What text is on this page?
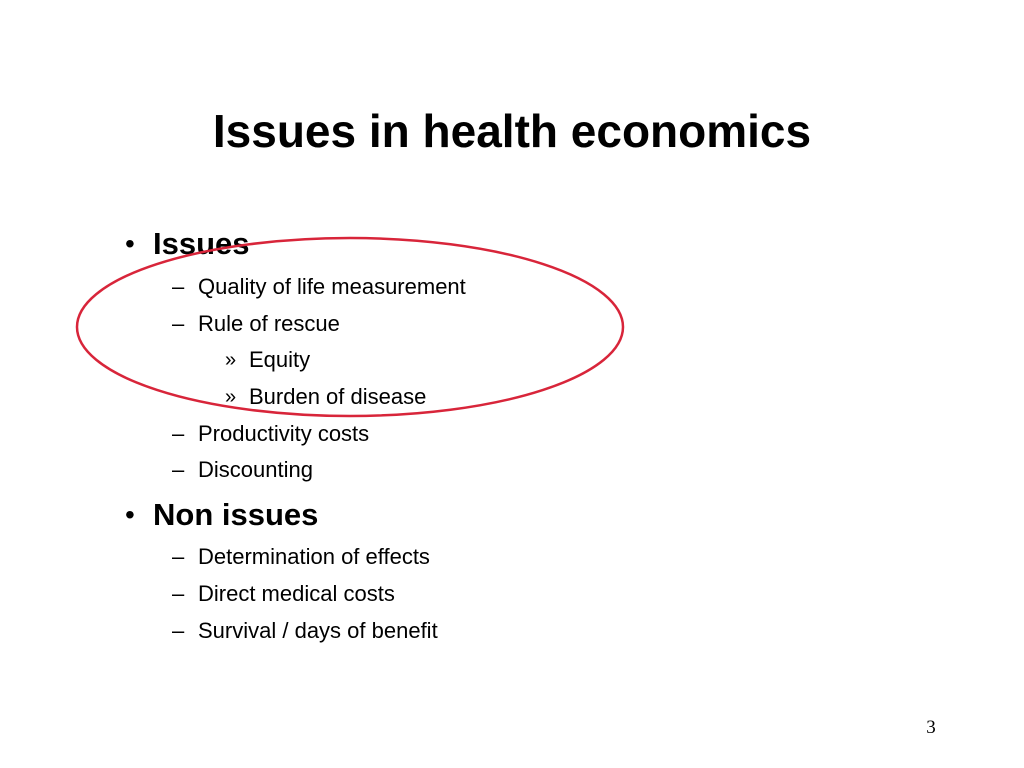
Issues in health economics
• Issues
– Quality of life measurement
– Rule of rescue
» Equity
» Burden of disease
– Productivity costs
– Discounting
• Non issues
– Determination of effects
– Direct medical costs
– Survival / days of benefit
3
